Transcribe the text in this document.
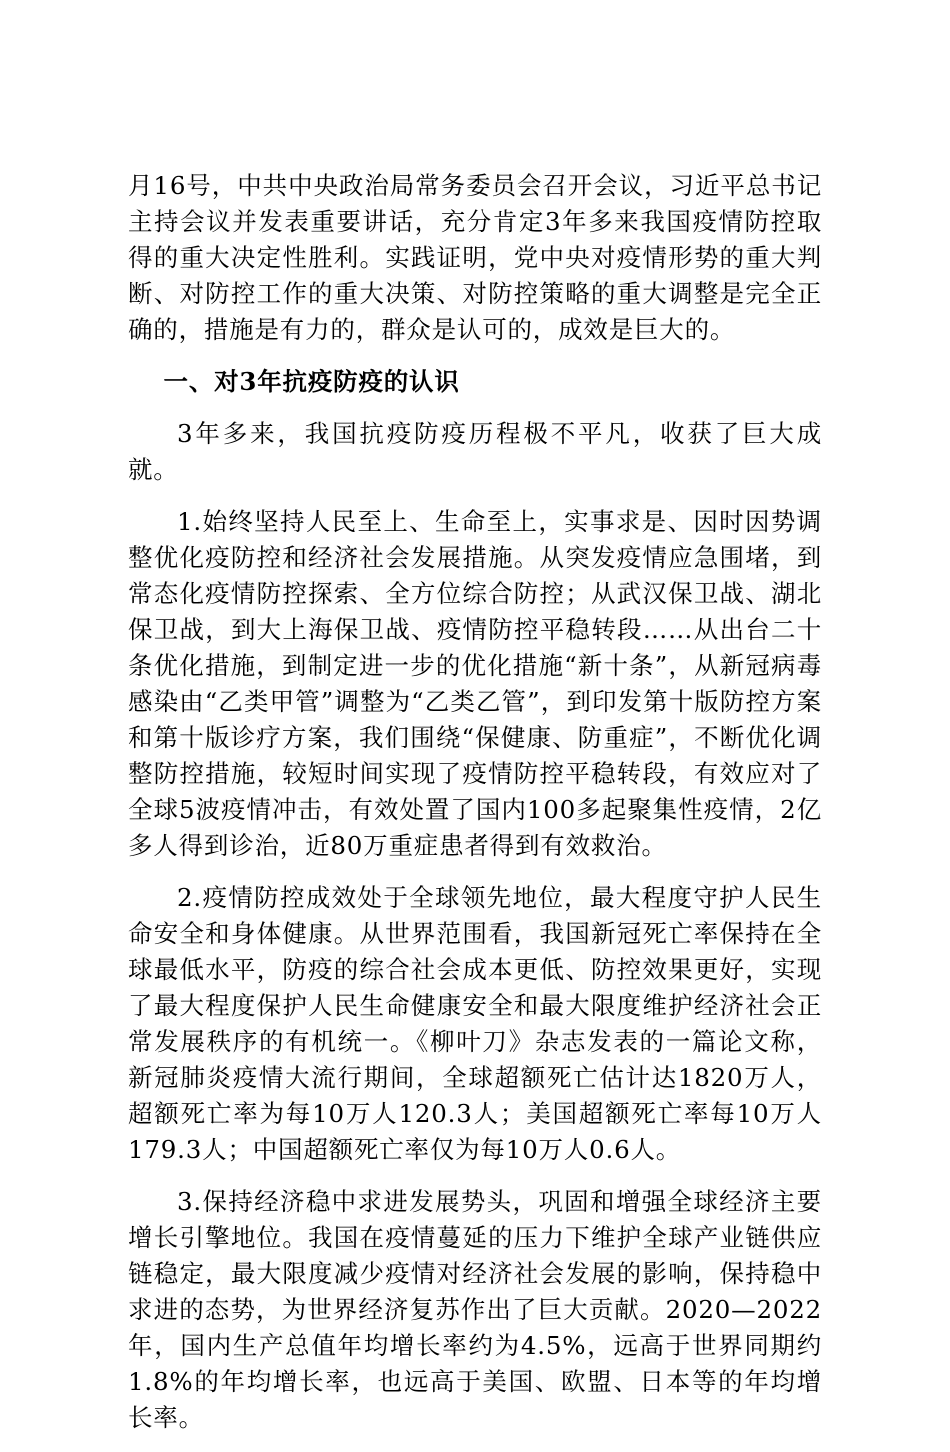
月16号，中共中央政治局常务委员会召开会议，习近平总书记主持会议并发表重要讲话，充分肯定3年多来我国疫情防控取得的重大决定性胜利。实践证明，党中央对疫情形势的重大判断、对防控工作的重大决策、对防控策略的重大调整是完全正确的，措施是有力的，群众是认可的，成效是巨大的。

一、对3年抗疫防疫的认识

3年多来，我国抗疫防疫历程极不平凡，收获了巨大成就。

1.始终坚持人民至上、生命至上，实事求是、因时因势调整优化疫防控和经济社会发展措施。从突发疫情应急围堵，到常态化疫情防控探索、全方位综合防控；从武汉保卫战、湖北保卫战，到大上海保卫战、疫情防控平稳转段……从出台二十条优化措施，到制定进一步的优化措施“新十条”，从新冠病毒感染由“乙类甲管”调整为“乙类乙管”，到印发第十版防控方案和第十版诊疗方案，我们围绕“保健康、防重症”，不断优化调整防控措施，较短时间实现了疫情防控平稳转段，有效应对了全球5波疫情冲击，有效处置了国内100多起聚集性疫情，2亿多人得到诊治，近80万重症患者得到有效救治。

2.疫情防控成效处于全球领先地位，最大程度守护人民生命安全和身体健康。从世界范围看，我国新冠死亡率保持在全球最低水平，防疫的综合社会成本更低、防控效果更好，实现了最大程度保护人民生命健康安全和最大限度维护经济社会正常发展秩序的有机统一。《柳叶刀》杂志发表的一篇论文称，新冠肺炎疫情大流行期间，全球超额死亡估计达1820万人，超额死亡率为每10万人120.3人；美国超额死亡率每10万人179.3人；中国超额死亡率仅为每10万人0.6人。

3.保持经济稳中求进发展势头，巩固和增强全球经济主要增长引擎地位。我国在疫情蔓延的压力下维护全球产业链供应链稳定，最大限度减少疫情对经济社会发展的影响，保持稳中求进的态势，为世界经济复苏作出了巨大贡献。2020—2022年，国内生产总值年均增长率约为4.5%，远高于世界同期约1.8%的年均增长率，也远高于美国、欧盟、日本等的年均增长率。
